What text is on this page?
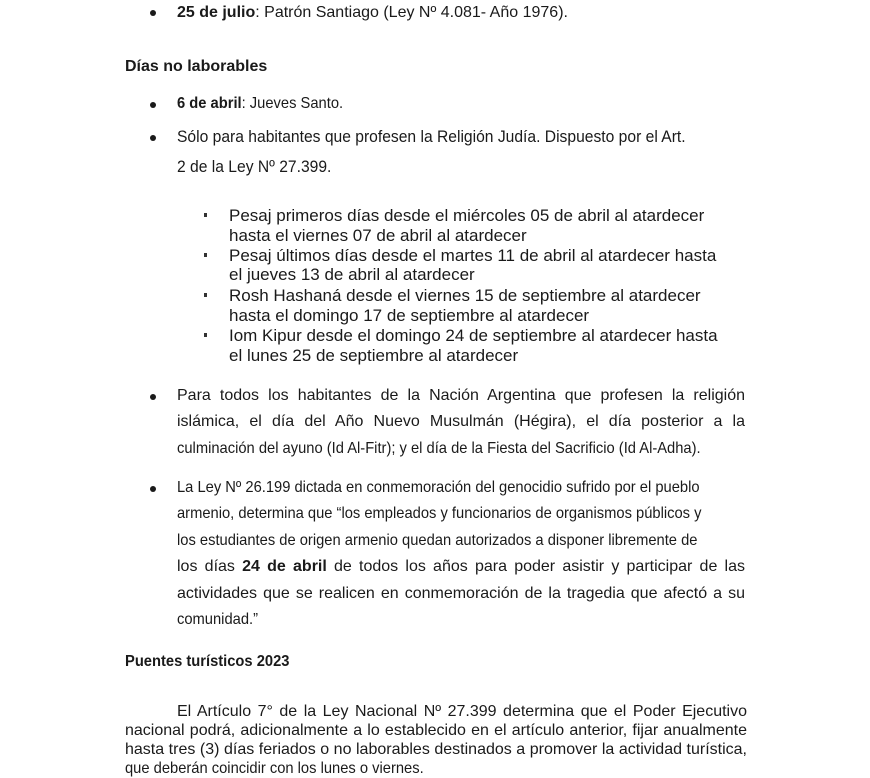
25 de julio: Patrón Santiago (Ley Nº 4.081- Año 1976).
Días no laborables
6 de abril: Jueves Santo.
Sólo para habitantes que profesen la Religión Judía. Dispuesto por el Art.
2 de la Ley Nº 27.399.
Pesaj primeros días desde el miércoles 05 de abril al atardecer
hasta el viernes 07 de abril al atardecer
Pesaj últimos días desde el martes 11 de abril al atardecer hasta
el jueves 13 de abril al atardecer
Rosh Hashaná desde el viernes 15 de septiembre al atardecer
hasta el domingo 17 de septiembre al atardecer
Iom Kipur desde el domingo 24 de septiembre al atardecer hasta
el lunes 25 de septiembre al atardecer
Para todos los habitantes de la Nación Argentina que profesen la religión
islámica, el día del Año Nuevo Musulmán (Hégira), el día posterior a la
culminación del ayuno (Id Al-Fitr); y el día de la Fiesta del Sacrificio (Id Al-Adha).
La Ley Nº 26.199 dictada en conmemoración del genocidio sufrido por el pueblo
armenio, determina que “los empleados y funcionarios de organismos públicos y
los estudiantes de origen armenio quedan autorizados a disponer libremente de
los días 24 de abril de todos los años para poder asistir y participar de las
actividades que se realicen en conmemoración de la tragedia que afectó a su
comunidad.”
Puentes turísticos 2023
El Artículo 7° de la Ley Nacional Nº 27.399 determina que el Poder Ejecutivo
nacional podrá, adicionalmente a lo establecido en el artículo anterior, fijar anualmente
hasta tres (3) días feriados o no laborables destinados a promover la actividad turística,
que deberán coincidir con los lunes o viernes.
